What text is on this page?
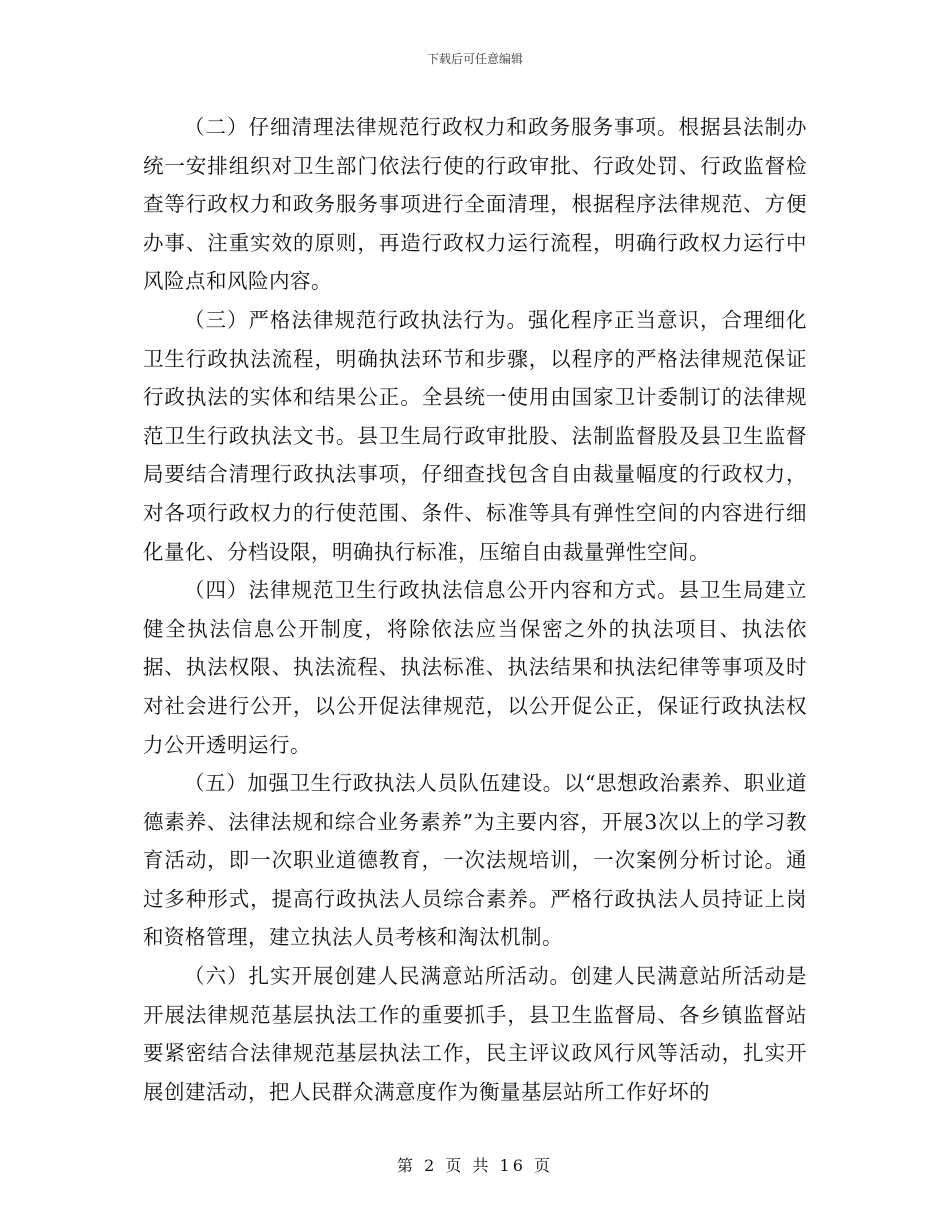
下载后可任意编辑

（二）仔细清理法律规范行政权力和政务服务事项。根据县法制办统一安排组织对卫生部门依法行使的行政审批、行政处罚、行政监督检查等行政权力和政务服务事项进行全面清理，根据程序法律规范、方便办事、注重实效的原则，再造行政权力运行流程，明确行政权力运行中风险点和风险内容。

（三）严格法律规范行政执法行为。强化程序正当意识，合理细化卫生行政执法流程，明确执法环节和步骤，以程序的严格法律规范保证行政执法的实体和结果公正。全县统一使用由国家卫计委制订的法律规范卫生行政执法文书。县卫生局行政审批股、法制监督股及县卫生监督局要结合清理行政执法事项，仔细查找包含自由裁量幅度的行政权力，对各项行政权力的行使范围、条件、标准等具有弹性空间的内容进行细化量化、分档设限，明确执行标准，压缩自由裁量弹性空间。

（四）法律规范卫生行政执法信息公开内容和方式。县卫生局建立健全执法信息公开制度，将除依法应当保密之外的执法项目、执法依据、执法权限、执法流程、执法标准、执法结果和执法纪律等事项及时对社会进行公开，以公开促法律规范，以公开促公正，保证行政执法权力公开透明运行。

（五）加强卫生行政执法人员队伍建设。以“思想政治素养、职业道德素养、法律法规和综合业务素养”为主要内容，开展3次以上的学习教育活动，即一次职业道德教育，一次法规培训，一次案例分析讨论。通过多种形式，提高行政执法人员综合素养。严格行政执法人员持证上岗和资格管理，建立执法人员考核和淘汰机制。

（六）扎实开展创建人民满意站所活动。创建人民满意站所活动是开展法律规范基层执法工作的重要抓手，县卫生监督局、各乡镇监督站要紧密结合法律规范基层执法工作，民主评议政风行风等活动，扎实开展创建活动，把人民群众满意度作为衡量基层站所工作好坏的

第 2 页 共 16 页
